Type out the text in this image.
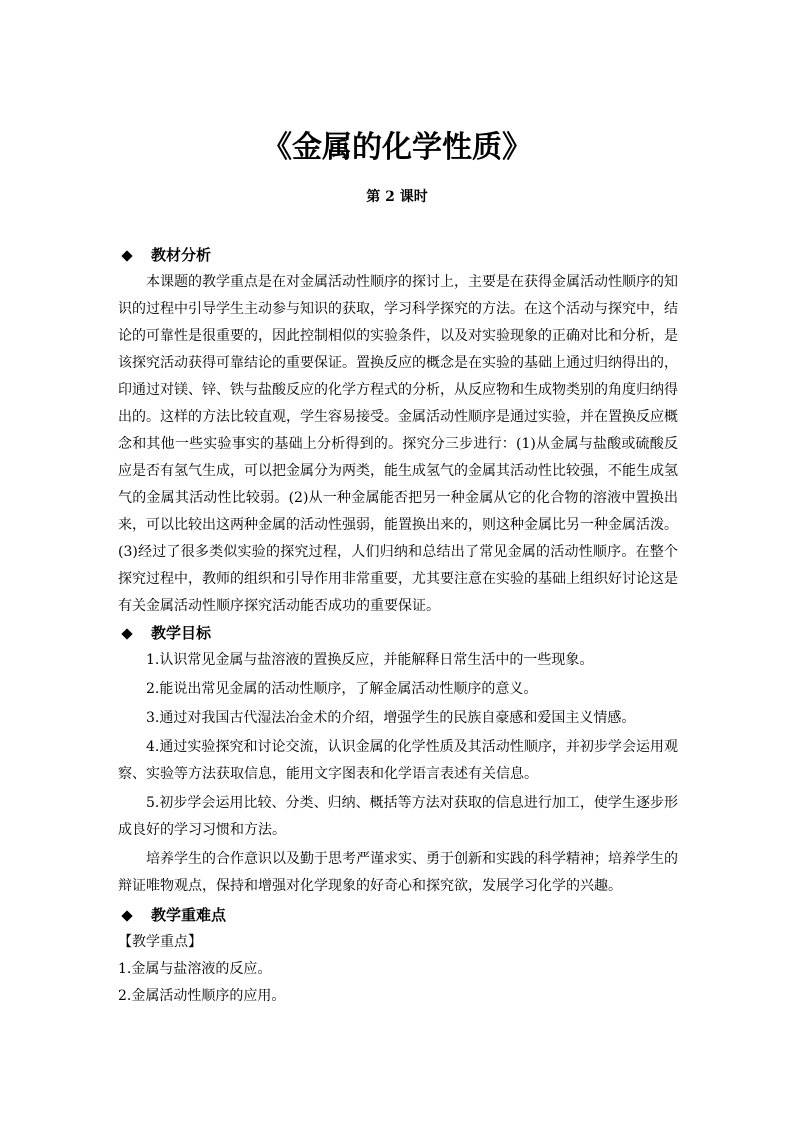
《金属的化学性质》
第 2 课时
教材分析

本课题的教学重点是在对金属活动性顺序的探讨上，主要是在获得金属活动性顺序的知识的过程中引导学生主动参与知识的获取，学习科学探究的方法。在这个活动与探究中，结论的可靠性是很重要的，因此控制相似的实验条件，以及对实验现象的正确对比和分析，是该探究活动获得可靠结论的重要保证。置换反应的概念是在实验的基础上通过归纳得出的，印通过对镁、锌、铁与盐酸反应的化学方程式的分析，从反应物和生成物类别的角度归纳得出的。这样的方法比较直观，学生容易接受。金属活动性顺序是通过实验，并在置换反应概念和其他一些实验事实的基础上分析得到的。探究分三步进行：(1)从金属与盐酸或硫酸反应是否有氢气生成，可以把金属分为两类，能生成氢气的金属其活动性比较强，不能生成氢气的金属其活动性比较弱。(2)从一种金属能否把另一种金属从它的化合物的溶液中置换出来，可以比较出这两种金属的活动性强弱，能置换出来的，则这种金属比另一种金属活泼。(3)经过了很多类似实验的探究过程，人们归纳和总结出了常见金属的活动性顺序。在整个探究过程中，教师的组织和引导作用非常重要，尤其要注意在实验的基础上组织好讨论这是有关金属活动性顺序探究活动能否成功的重要保证。

教学目标

1.认识常见金属与盐溶液的置换反应，并能解释日常生活中的一些现象。

2.能说出常见金属的活动性顺序，了解金属活动性顺序的意义。

3.通过对我国古代湿法冶金术的介绍，增强学生的民族自豪感和爱国主义情感。

4.通过实验探究和讨论交流，认识金属的化学性质及其活动性顺序，并初步学会运用观察、实验等方法获取信息，能用文字图表和化学语言表述有关信息。

5.初步学会运用比较、分类、归纳、概括等方法对获取的信息进行加工，使学生逐步形成良好的学习习惯和方法。

培养学生的合作意识以及勤于思考严谨求实、勇于创新和实践的科学精神；培养学生的辩证唯物观点，保持和增强对化学现象的好奇心和探究欲，发展学习化学的兴趣。

教学重难点

【教学重点】

1.金属与盐溶液的反应。

2.金属活动性顺序的应用。
